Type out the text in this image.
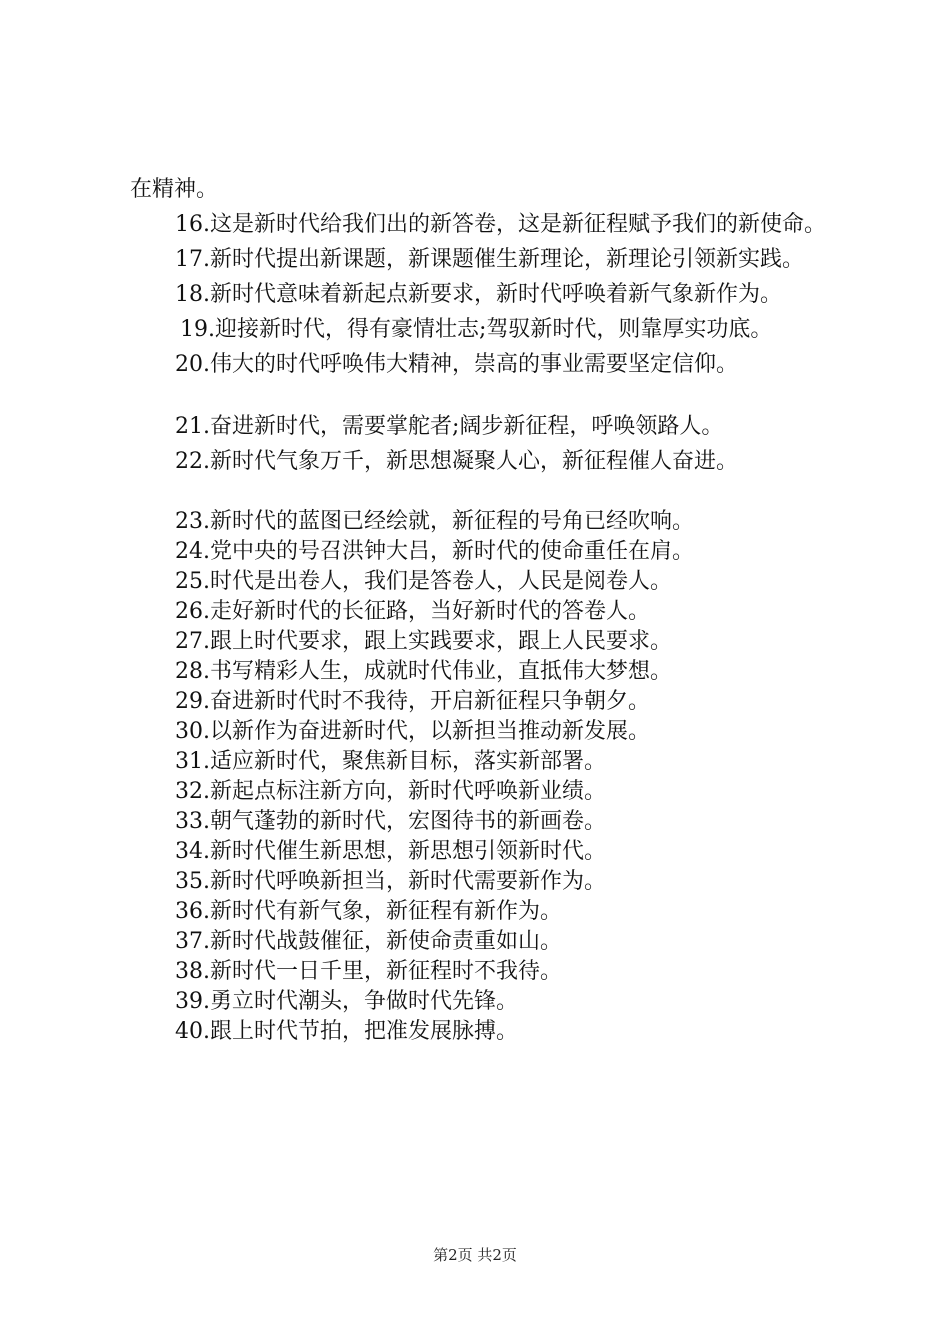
在精神。

16.这是新时代给我们出的新答卷，这是新征程赋予我们的新使命。

17.新时代提出新课题，新课题催生新理论，新理论引领新实践。

18.新时代意味着新起点新要求，新时代呼唤着新气象新作为。

19.迎接新时代，得有豪情壮志;驾驭新时代，则靠厚实功底。

20.伟大的时代呼唤伟大精神，崇高的事业需要坚定信仰。

21.奋进新时代，需要掌舵者;阔步新征程，呼唤领路人。

22.新时代气象万千，新思想凝聚人心，新征程催人奋进。

23.新时代的蓝图已经绘就，新征程的号角已经吹响。

24.党中央的号召洪钟大吕，新时代的使命重任在肩。

25.时代是出卷人，我们是答卷人，人民是阅卷人。

26.走好新时代的长征路，当好新时代的答卷人。

27.跟上时代要求，跟上实践要求，跟上人民要求。

28.书写精彩人生，成就时代伟业，直抵伟大梦想。

29.奋进新时代时不我待，开启新征程只争朝夕。

30.以新作为奋进新时代，以新担当推动新发展。

31.适应新时代，聚焦新目标，落实新部署。

32.新起点标注新方向，新时代呼唤新业绩。

33.朝气蓬勃的新时代，宏图待书的新画卷。

34.新时代催生新思想，新思想引领新时代。

35.新时代呼唤新担当，新时代需要新作为。

36.新时代有新气象，新征程有新作为。

37.新时代战鼓催征，新使命责重如山。

38.新时代一日千里，新征程时不我待。

39.勇立时代潮头，争做时代先锋。

40.跟上时代节拍，把准发展脉搏。

第2页 共2页
